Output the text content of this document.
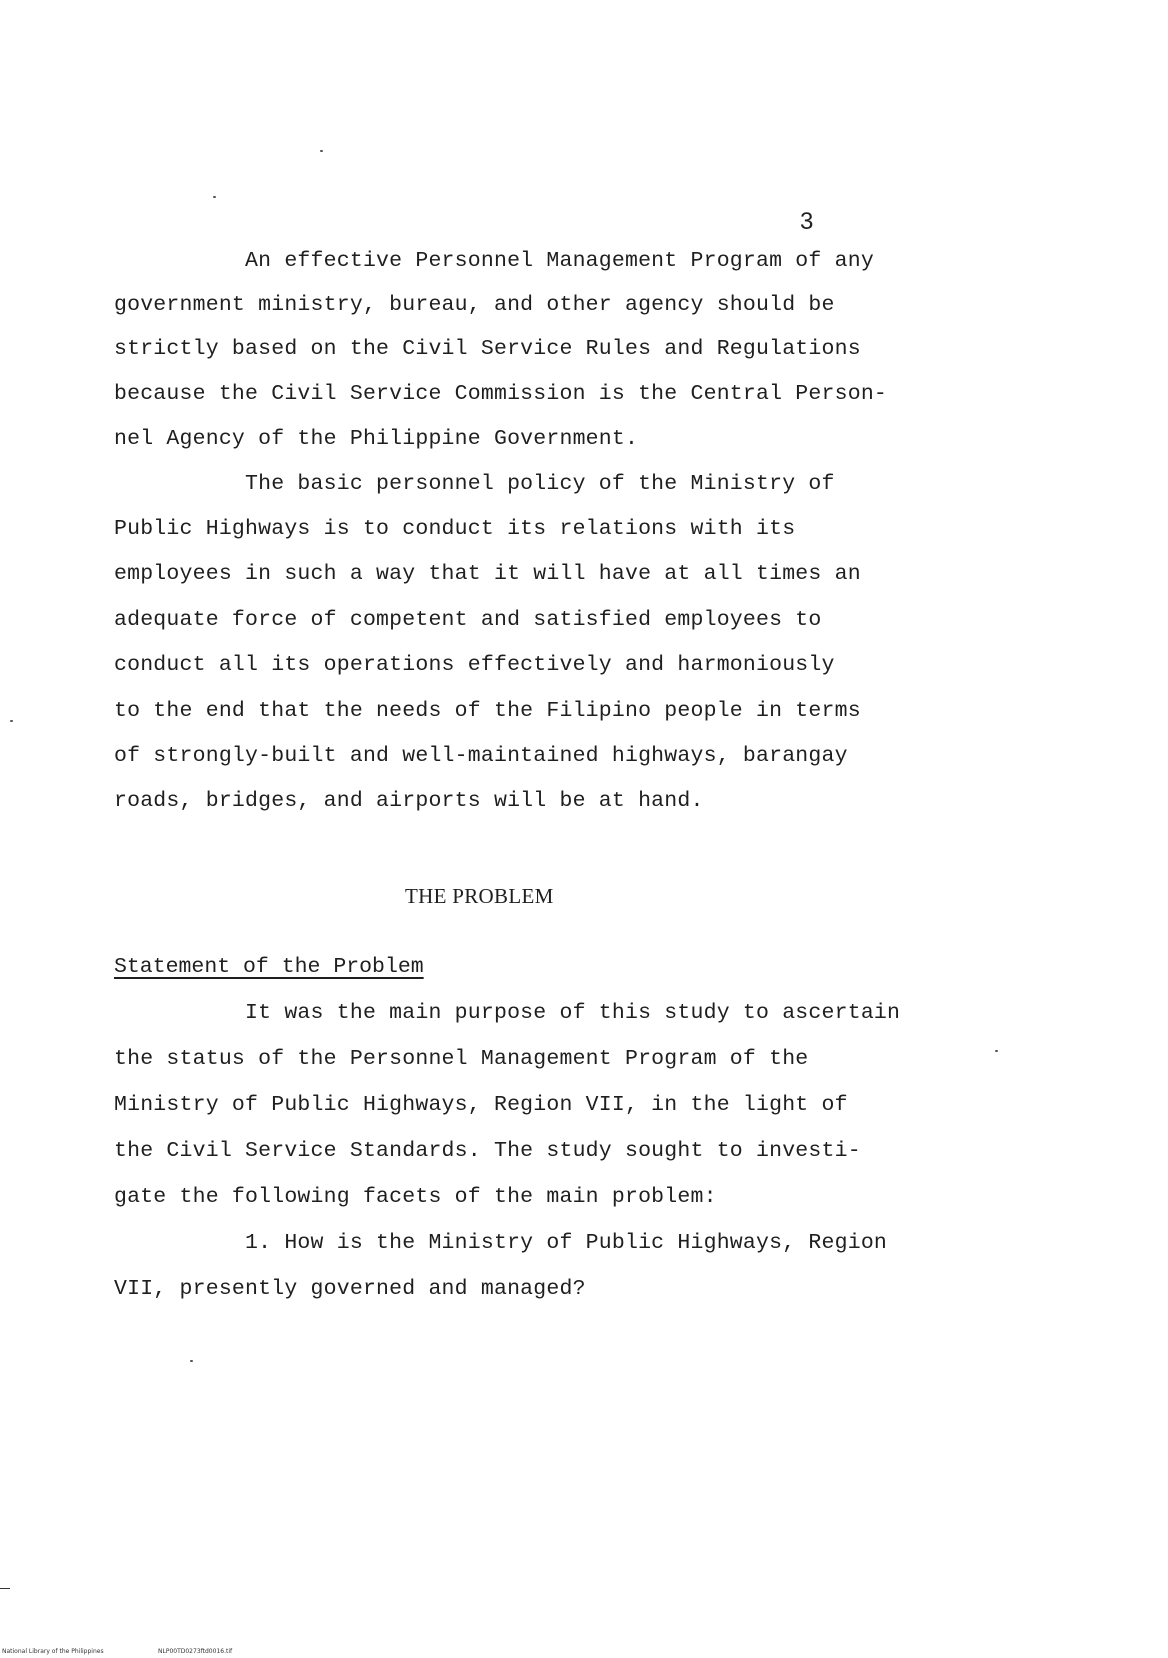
3
An effective Personnel Management Program of any
government ministry, bureau, and other agency should be
strictly based on the Civil Service Rules and Regulations
because the Civil Service Commission is the Central Person-
nel Agency of the Philippine Government.
The basic personnel policy of the Ministry of
Public Highways is to conduct its relations with its
employees in such a way that it will have at all times an
adequate force of competent and satisfied employees to
conduct all its operations effectively and harmoniously
to the end that the needs of the Filipino people in terms
of strongly-built and well-maintained highways, barangay
roads, bridges, and airports will be at hand.
THE PROBLEM
Statement of the Problem
It was the main purpose of this study to ascertain
the status of the Personnel Management Program of the
Ministry of Public Highways, Region VII, in the light of
the Civil Service Standards. The study sought to investi-
gate the following facets of the main problem:
1. How is the Ministry of Public Highways, Region
VII, presently governed and managed?
National Library of the Philippines	NLP00TD0273ftd0016.tif
